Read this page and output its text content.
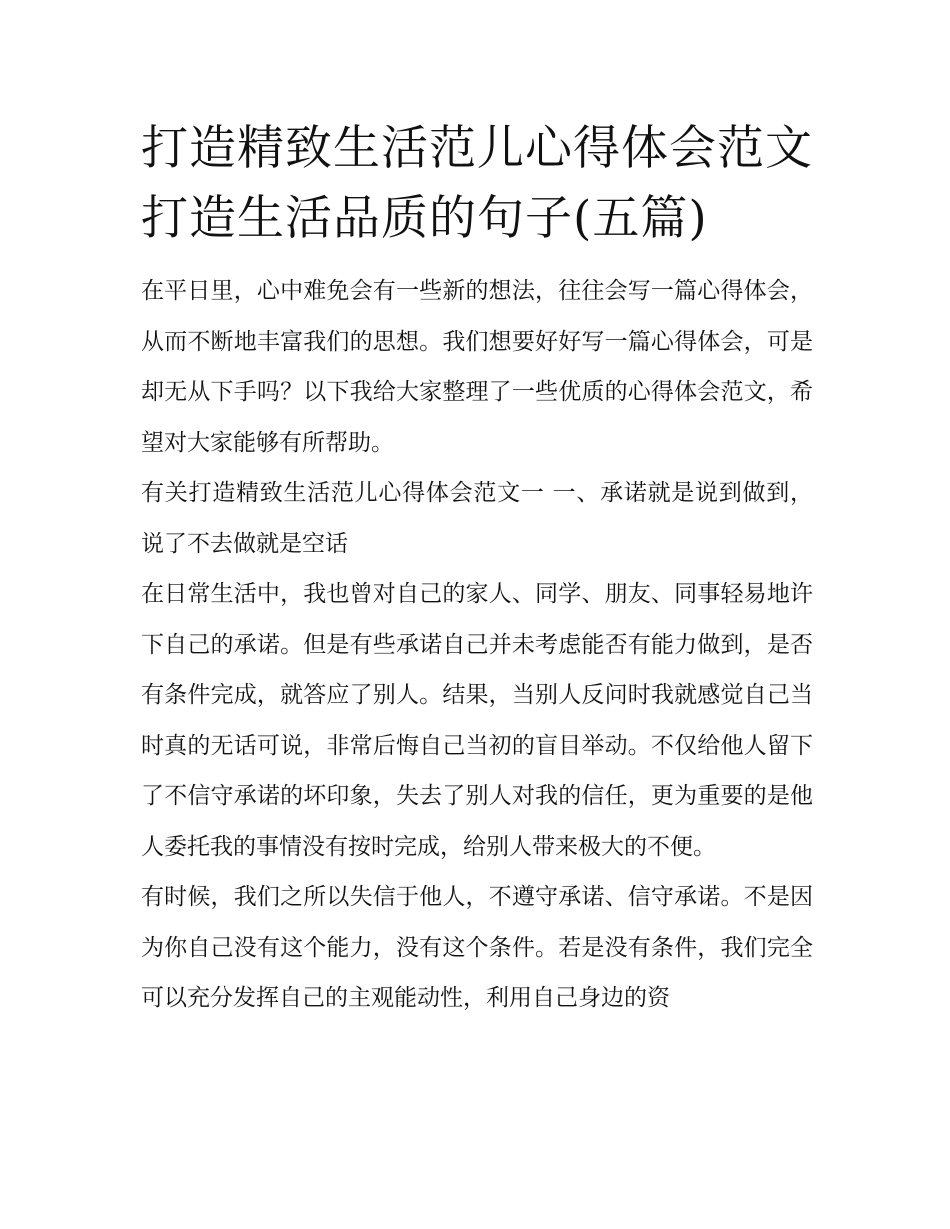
打造精致生活范儿心得体会范文 打造生活品质的句子(五篇)

在平日里，心中难免会有一些新的想法，往往会写一篇心得体会，从而不断地丰富我们的思想。我们想要好好写一篇心得体会，可是却无从下手吗？以下我给大家整理了一些优质的心得体会范文，希望对大家能够有所帮助。

有关打造精致生活范儿心得体会范文一 一、承诺就是说到做到，说了不去做就是空话

在日常生活中，我也曾对自己的家人、同学、朋友、同事轻易地许下自己的承诺。但是有些承诺自己并未考虑能否有能力做到，是否有条件完成，就答应了别人。结果，当别人反问时我就感觉自己当时真的无话可说，非常后悔自己当初的盲目举动。不仅给他人留下了不信守承诺的坏印象，失去了别人对我的信任，更为重要的是他人委托我的事情没有按时完成，给别人带来极大的不便。

有时候，我们之所以失信于他人，不遵守承诺、信守承诺。不是因为你自己没有这个能力，没有这个条件。若是没有条件，我们完全可以充分发挥自己的主观能动性，利用自己身边的资
